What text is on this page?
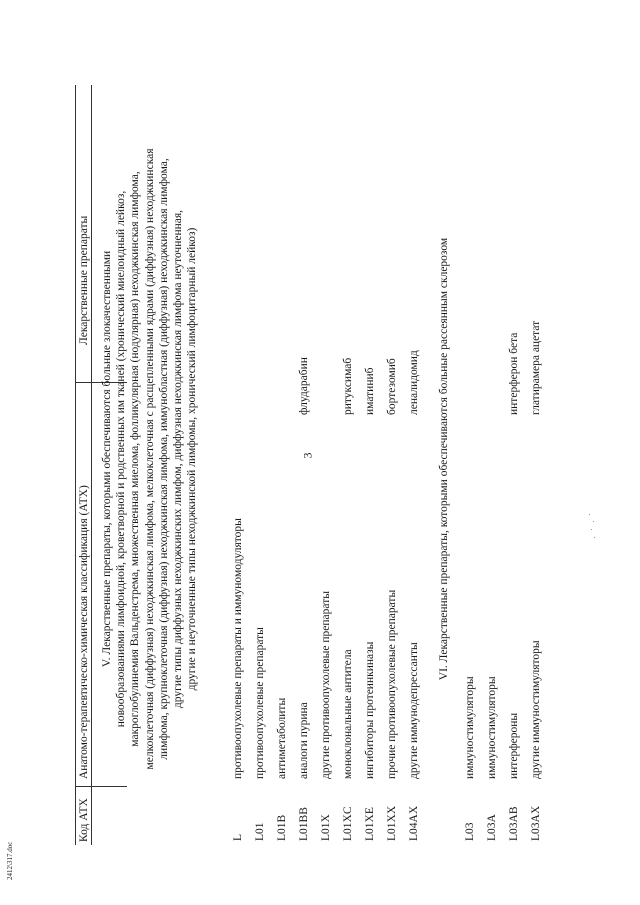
3
Код АТХ
Анатомо-терапевтическо-химическая классификация (АТХ)
Лекарственные препараты V. Лекарственные препараты, которыми обеспечиваются больные злокачественными новообразованиями лимфоидной, кроветворной и родственных им тканей (хронический миелоидный лейкоз, макроглобулинемия Вальденстрема, множественная миелома, фолликулярная (нодулярная) неходжкинская лимфома, мелкоклеточная (диффузная) неходжкинская лимфома, мелкоклеточная с расщепленными ядрами (диффузная) неходжкинская лимфома, крупноклеточная (диффузная) неходжкинская лимфома, иммунобластная (диффузная) неходжкинская лимфома, другие типы диффузных неходжкинских лимфом, диффузная неходжкинская лимфома неуточненная, другие и неуточненные типы неходжкинской лимфомы, хронический лимфоцитарный лейкоз)
L
противоопухолевые препараты и иммуномодуляторы
L01
противоопухолевые препараты
L01B
антиметаболиты
L01BB
аналоги пурина
флударабин
L01X
другие противоопухолевые препараты
L01XC
моноклональные антитела
ритуксимаб
L01XE
ингибиторы протеинкиназы
иматиниб
L01XX
прочие противоопухолевые препараты
бортезомиб
L04AX
другие иммунодепрессанты
леналидомид VI. Лекарственные препараты, которыми обеспечиваются больные рассеянным склерозом
L03
иммуностимуляторы
L03A
иммуностимуляторы
L03AB
интерфероны
интерферон бета
L03AX
другие иммуностимуляторы
глатирамера ацетат
2412\317.doc
